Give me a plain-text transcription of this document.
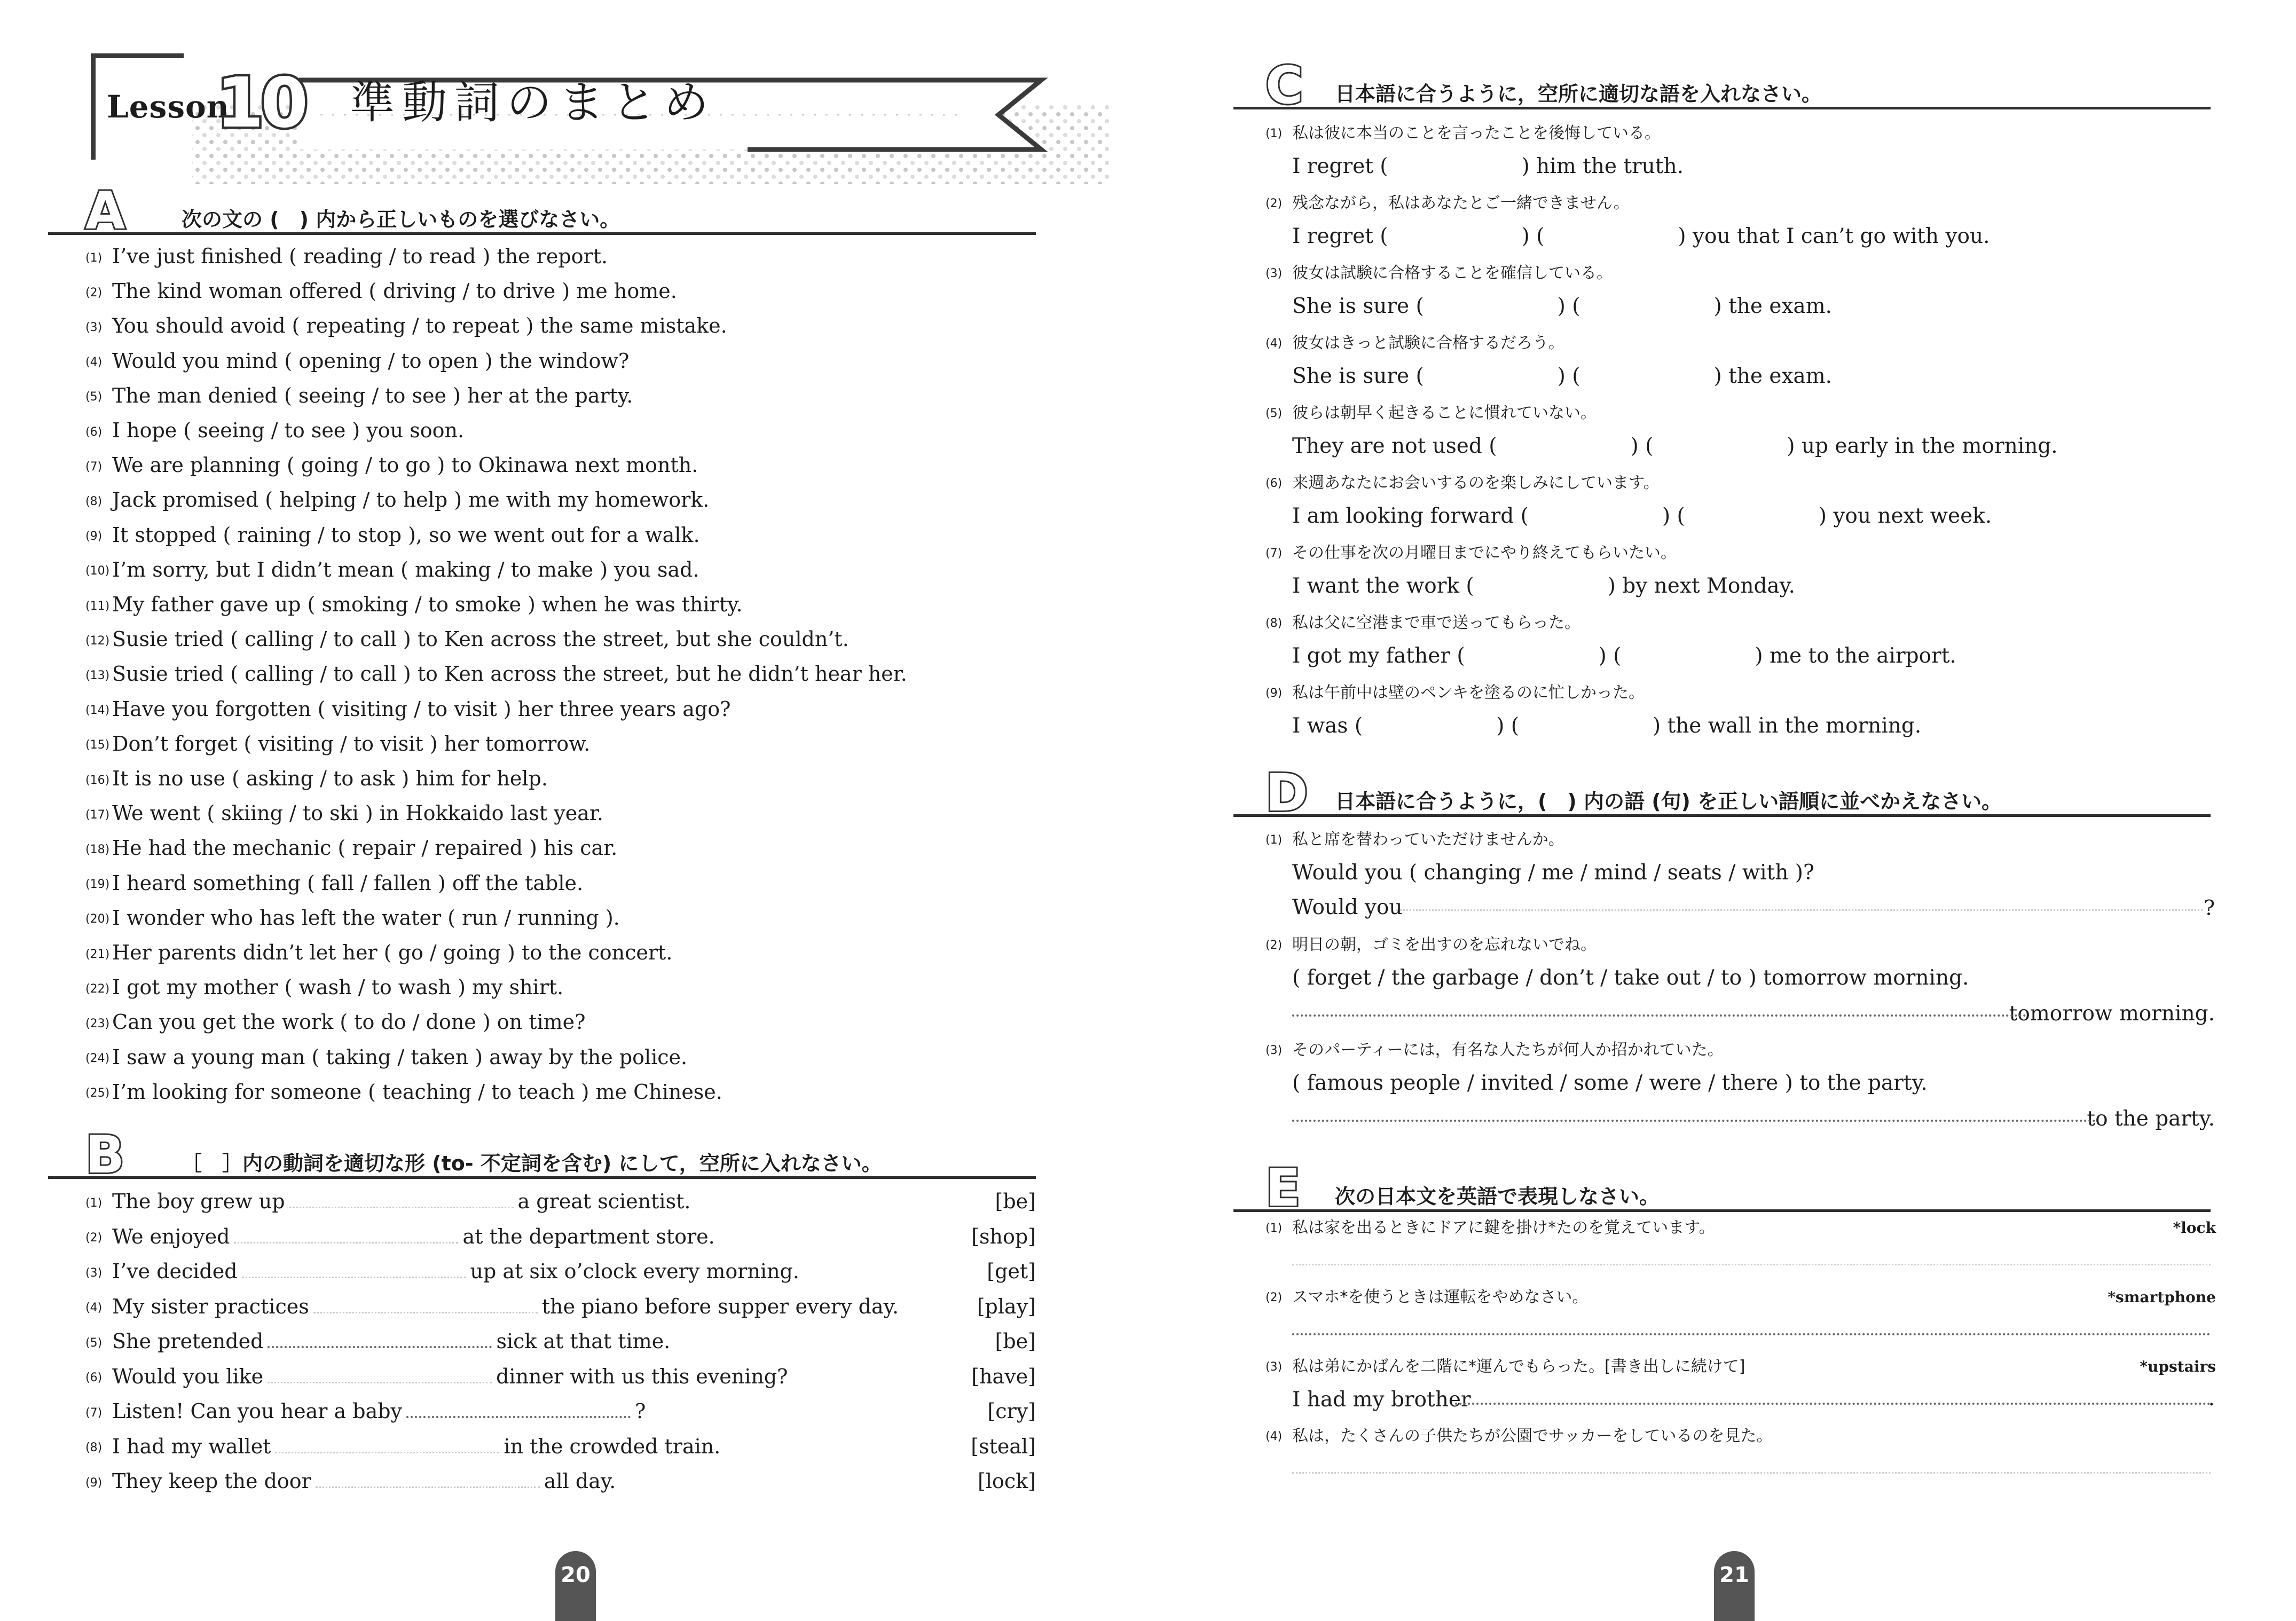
Lesson
10 準動詞のまとめ
A	次の文の (　) 内から正しいものを選びなさい。
(1) I’ve just finished ( reading / to read ) the report.
(2) The kind woman offered ( driving / to drive ) me home.
(3) You should avoid ( repeating / to repeat ) the same mistake.
(4) Would you mind ( opening / to open ) the window?
(5) The man denied ( seeing / to see ) her at the party.
(6) I hope ( seeing / to see ) you soon.
(7) We are planning ( going / to go ) to Okinawa next month.
(8) Jack promised ( helping / to help ) me with my homework.
(9) It stopped ( raining / to stop ), so we went out for a walk.
(10) I’m sorry, but I didn’t mean ( making / to make ) you sad.
(11) My father gave up ( smoking / to smoke ) when he was thirty.
(12) Susie tried ( calling / to call ) to Ken across the street, but she couldn’t.
(13) Susie tried ( calling / to call ) to Ken across the street, but he didn’t hear her.
(14) Have you forgotten ( visiting / to visit ) her three years ago?
(15) Don’t forget ( visiting / to visit ) her tomorrow.
(16) It is no use ( asking / to ask ) him for help.
(17) We went ( skiing / to ski ) in Hokkaido last year.
(18) He had the mechanic ( repair / repaired ) his car.
(19) I heard something ( fall / fallen ) off the table.
(20) I wonder who has left the water ( run / running ).
(21) Her parents didn’t let her ( go / going ) to the concert.
(22) I got my mother ( wash / to wash ) my shirt.
(23) Can you get the work ( to do / done ) on time?
(24) I saw a young man ( taking / taken ) away by the police.
(25) I’m looking for someone ( teaching / to teach ) me Chinese.
B	［　］内の動詞を適切な形 (to- 不定詞を含む) にして，空所に入れなさい。
(1) The boy grew up	a great scientist.	[be]
(2) We enjoyed	at the department store.	[shop]
(3) I’ve decided	up at six o’clock every morning.	[get]
(4) My sister practices	the piano before supper every day.	[play]
(5) She pretended	sick at that time.	[be]
(6) Would you like	dinner with us this evening?	[have]
(7) Listen! Can you hear a baby	?	[cry]
(8) I had my wallet	in the crowded train.	[steal]
(9) They keep the door	all day.	[lock]
20	21
C 日本語に合うように，空所に適切な語を入れなさい。
(1) 私は彼に本当のことを言ったことを後悔している。
I regret (	) him the truth.
(2) 残念ながら，私はあなたとご一緒できません。
I regret (	) (	) you that I can’t go with you.
(3) 彼女は試験に合格することを確信している。
She is sure (	) (	) the exam.
(4) 彼女はきっと試験に合格するだろう。
She is sure (	) (	) the exam.
(5) 彼らは朝早く起きることに慣れていない。
They are not used (	) (	) up early in the morning.
(6) 来週あなたにお会いするのを楽しみにしています。
I am looking forward (	) (	) you next week.
(7) その仕事を次の月曜日までにやり終えてもらいたい。
I want the work (	) by next Monday.
(8) 私は父に空港まで車で送ってもらった。
I got my father (	) (	) me to the airport.
(9) 私は午前中は壁のペンキを塗るのに忙しかった。
I was (	) (	) the wall in the morning.
D 日本語に合うように，(　) 内の語 (句) を正しい語順に並べかえなさい。
(1) 私と席を替わっていただけませんか。
Would you ( changing / me / mind / seats / with )?
Would you	?
(2) 明日の朝，ゴミを出すのを忘れないでね。
( forget / the garbage / don’t / take out / to ) tomorrow morning.
tomorrow morning.
(3) そのパーティーには，有名な人たちが何人か招かれていた。
( famous people / invited / some / were / there ) to the party.
to the party.
E 次の日本文を英語で表現しなさい。
(1) 私は家を出るときにドアに鍵を掛け*たのを覚えています。	*lock
(2) スマホ*を使うときは運転をやめなさい。	*smartphone
(3) 私は弟にかばんを二階に*運んでもらった。[書き出しに続けて]	*upstairs
I had my brother	.
(4) 私は，たくさんの子供たちが公園でサッカーをしているのを見た。
